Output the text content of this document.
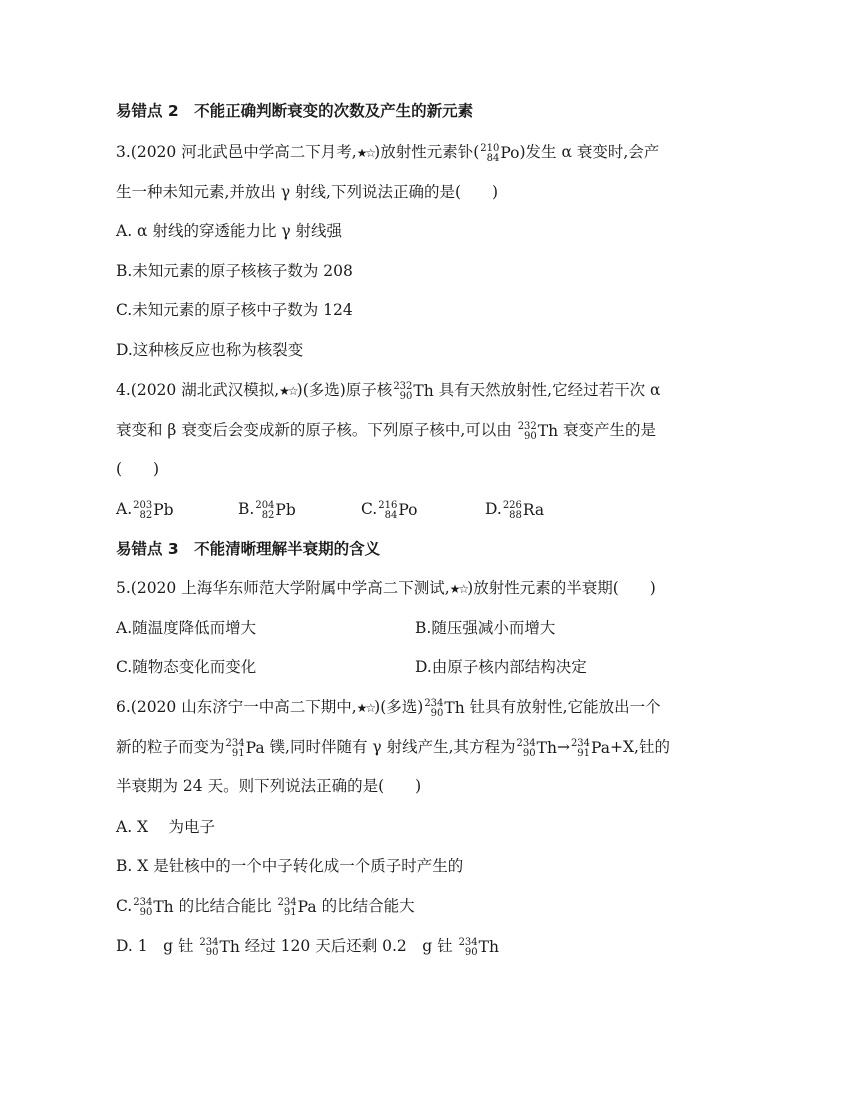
易错点 2　不能正确判断衰变的次数及产生的新元素
3.(2020 河北武邑中学高二下月考,★☆)放射性元素钋( 210
84 Po)发生 α 衰变时,会产
生一种未知元素,并放出 γ 射线,下列说法正确的是(　　)
A. α 射线的穿透能力比 γ 射线强
B.未知元素的原子核核子数为 208
C.未知元素的原子核中子数为 124
D.这种核反应也称为核裂变
4.(2020 湖北武汉模拟,★☆)(多选)原子核 232
90 Th 具有天然放射性,它经过若干次 α
衰变和 β 衰变后会变成新的原子核。下列原子核中,可以由 232
90 Th 衰变产生的是
(　　)
A. 203
82 Pb	B. 204
82 Pb	C. 216
84 Po	D. 226
88 Ra
易错点 3　不能清晰理解半衰期的含义
5.(2020 上海华东师范大学附属中学高二下测试,★☆)放射性元素的半衰期(　　)
A.随温度降低而增大	B.随压强减小而增大
C.随物态变化而变化	D.由原子核内部结构决定
6.(2020 山东济宁一中高二下期中,★☆)(多选) 234
90 Th 钍具有放射性,它能放出一个
新的粒子而变为 234
91 Pa 镤,同时伴随有 γ 射线产生,其方程为 234
90 Th→ 234
91 Pa+X,钍的
半衰期为 24 天。则下列说法正确的是(　　)
A. X　 为电子
B. X 是钍核中的一个中子转化成一个质子时产生的
C. 234
90 Th 的比结合能比 234
91 Pa 的比结合能大
D. 1　g 钍 234
90 Th 经过 120 天后还剩 0.2　g 钍 234
90 Th
